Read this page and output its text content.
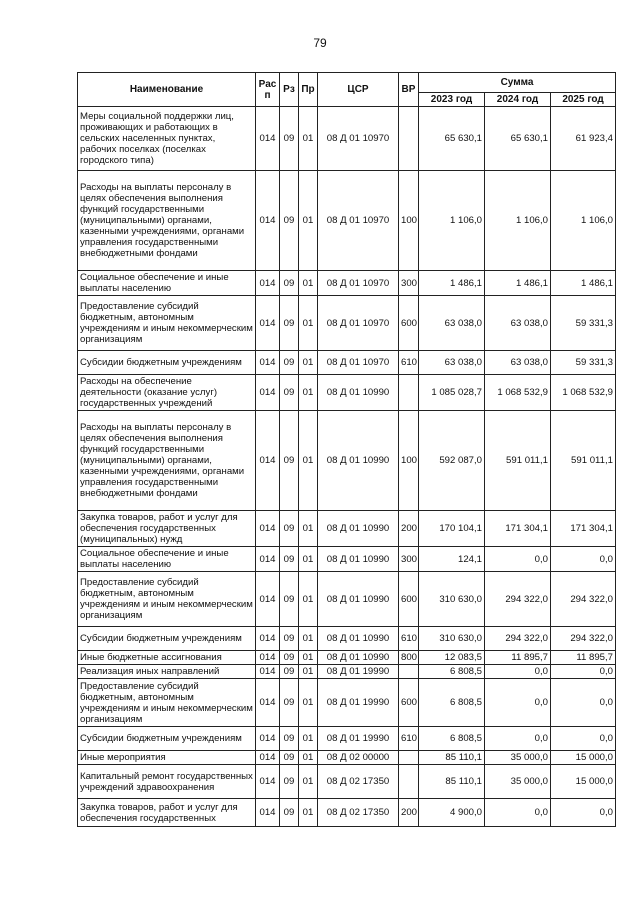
79
Наименование	Рас п	Рз	Пр	ЦСР	ВР	Сумма		
						2023 год	2024 год	2025 год
Меры социальной поддержки лиц, проживающих и работающих в сельских населенных пунктах, рабочих поселках (поселках городского типа)	014	09	01	08 Д 01 10970		65 630,1	65 630,1	61 923,4
Расходы на выплаты персоналу в целях обеспечения выполнения функций государственными (муниципальными) органами, казенными учреждениями, органами управления государственными внебюджетными фондами	014	09	01	08 Д 01 10970	100	1 106,0	1 106,0	1 106,0
Социальное обеспечение и иные выплаты населению	014	09	01	08 Д 01 10970	300	1 486,1	1 486,1	1 486,1
Предоставление субсидий бюджетным, автономным учреждениям и иным некоммерческим организациям	014	09	01	08 Д 01 10970	600	63 038,0	63 038,0	59 331,3
Субсидии бюджетным учреждениям	014	09	01	08 Д 01 10970	610	63 038,0	63 038,0	59 331,3
Расходы на обеспечение деятельности (оказание услуг) государственных учреждений	014	09	01	08 Д 01 10990		1 085 028,7	1 068 532,9	1 068 532,9
Расходы на выплаты персоналу в целях обеспечения выполнения функций государственными (муниципальными) органами, казенными учреждениями, органами управления государственными внебюджетными фондами	014	09	01	08 Д 01 10990	100	592 087,0	591 011,1	591 011,1
Закупка товаров, работ и услуг для обеспечения государственных (муниципальных) нужд	014	09	01	08 Д 01 10990	200	170 104,1	171 304,1	171 304,1
Социальное обеспечение и иные выплаты населению	014	09	01	08 Д 01 10990	300	124,1	0,0	0,0
Предоставление субсидий бюджетным, автономным учреждениям и иным некоммерческим организациям	014	09	01	08 Д 01 10990	600	310 630,0	294 322,0	294 322,0
Субсидии бюджетным учреждениям	014	09	01	08 Д 01 10990	610	310 630,0	294 322,0	294 322,0
Иные бюджетные ассигнования	014	09	01	08 Д 01 10990	800	12 083,5	11 895,7	11 895,7
Реализация иных направлений	014	09	01	08 Д 01 19990		6 808,5	0,0	0,0
Предоставление субсидий бюджетным, автономным учреждениям и иным некоммерческим организациям	014	09	01	08 Д 01 19990	600	6 808,5	0,0	0,0
Субсидии бюджетным учреждениям	014	09	01	08 Д 01 19990	610	6 808,5	0,0	0,0
Иные мероприятия	014	09	01	08 Д 02 00000		85 110,1	35 000,0	15 000,0
Капитальный ремонт государственных учреждений здравоохранения	014	09	01	08 Д 02 17350		85 110,1	35 000,0	15 000,0
Закупка товаров, работ и услуг для обеспечения государственных	014	09	01	08 Д 02 17350	200	4 900,0	0,0	0,0
